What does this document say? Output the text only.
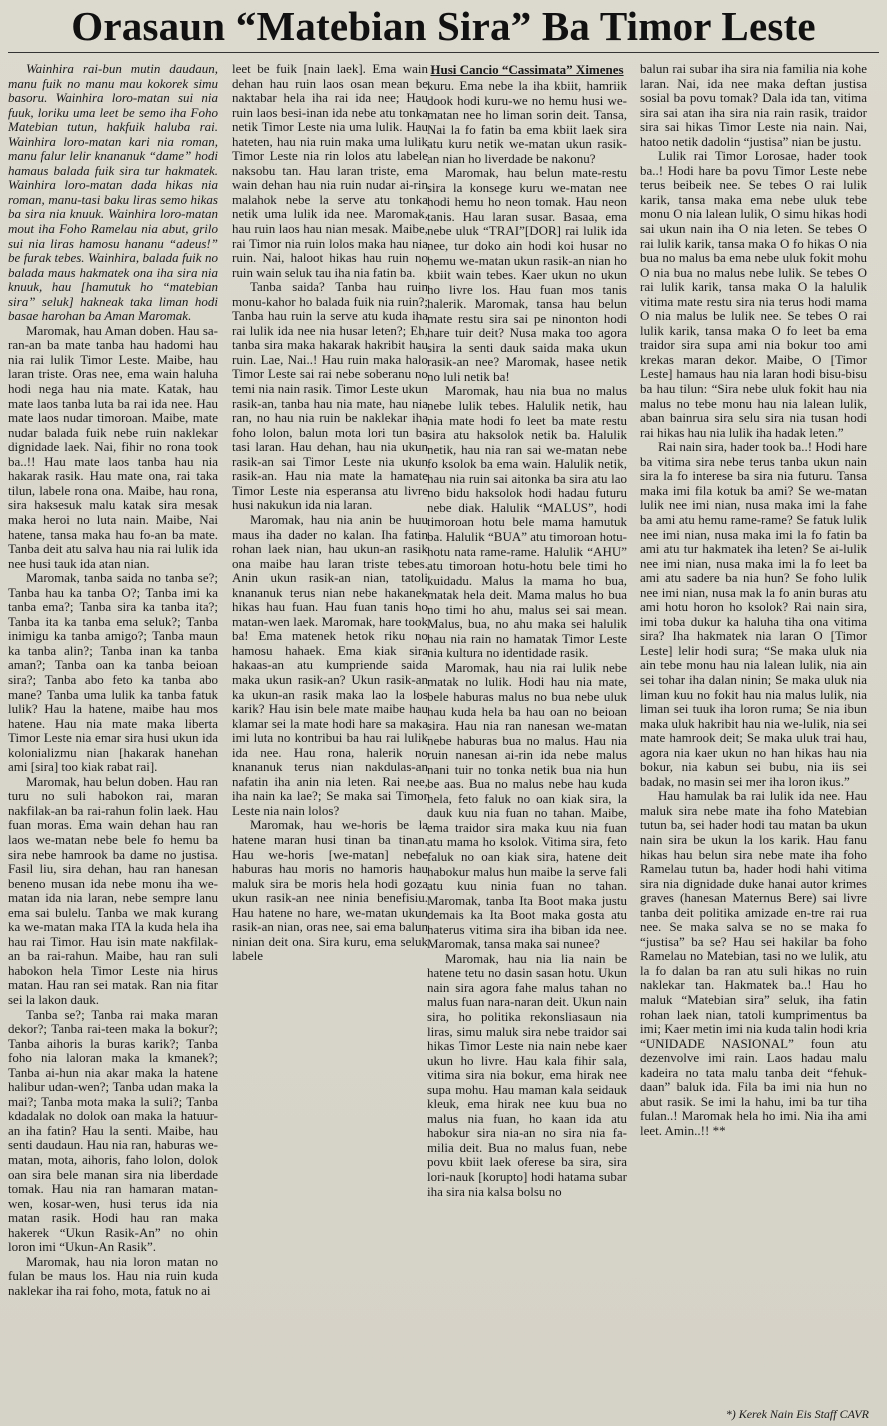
Orasaun “Matebian Sira” Ba Timor Leste

Wainhira rai-bun mutin daudaun, manu fuik no manu mau kokorek simu basoru. Wainhira loro-matan sui nia fuuk, loriku uma leet be semo iha Foho Matebian tutun, hakfuik haluba rai. Wainhira loro-matan kari nia roman, manu falur lelir knananuk “dame” hodi hamaus balada fuik sira tur hakmatek. Wainhira loro-matan dada hikas nia roman, manu-tasi baku liras semo hikas ba sira nia knuuk. Wainhira loro-matan mout iha Foho Ramelau nia abut, grilo sui nia liras hamosu hananu “adeus!” be furak tebes. Wainhira, balada fuik no balada maus hakmatek ona iha sira nia knuuk, hau [hamutuk ho “matebian sira” seluk] hakneak taka liman hodi basae harohan ba Aman Maromak.

Maromak, hau Aman doben. Hau sa-ran-an ba mate tanba hau hadomi hau nia rai lulik Timor Leste. Maibe, hau laran triste. Oras nee, ema wain haluha hodi nega hau nia mate. Katak, hau mate laos tanba luta ba rai ida nee. Hau mate laos nudar timoroan. Maibe, mate nudar balada fuik nebe ruin naklekar dignidade laek. Nai, fihir no rona took ba..!! Hau mate laos tanba hau nia hakarak rasik. Hau mate ona, rai taka tilun, labele rona ona. Maibe, hau rona, sira haksesuk malu katak sira mesak maka heroi no luta nain. Maibe, Nai hatene, tansa maka hau fo-an ba mate. Tanba deit atu salva hau nia rai lulik ida nee husi tauk ida atan nian.

Maromak, tanba saida no tanba se?; Tanba hau ka tanba O?; Tanba imi ka tanba ema?; Tanba sira ka tanba ita?; Tanba ita ka tanba ema seluk?; Tanba inimigu ka tanba amigo?; Tanba maun ka tanba alin?; Tanba inan ka tanba aman?; Tanba oan ka tanba beioan sira?; Tanba abo feto ka tanba abo mane? Tanba uma lulik ka tanba fatuk lulik? Hau la hatene, maibe hau mos hatene. Hau nia mate maka liberta Timor Leste nia emar sira husi ukun ida kolonializmu nian [hakarak hanehan ami [sira] too kiak rabat rai].

Maromak, hau belun doben. Hau ran turu no suli habokon rai, maran nakfilak-an ba rai-rahun folin laek. Hau fuan moras. Ema wain dehan hau ran laos we-matan nebe bele fo hemu ba sira nebe hamrook ba dame no justisa. Fasil liu, sira dehan, hau ran hanesan beneno musan ida nebe monu iha we-matan ida nia laran, nebe sempre lanu ema sai bulelu. Tanba we mak kurang ka we-matan maka ITA la kuda hela iha hau rai Timor. Hau isin mate nakfilak-an ba rai-rahun. Maibe, hau ran suli habokon hela Timor Leste nia hirus matan. Hau ran sei matak. Ran nia fitar sei la lakon dauk.

Tanba se?; Tanba rai maka maran dekor?; Tanba rai-teen maka la bokur?; Tanba aihoris la buras karik?; Tanba foho nia laloran maka la kmanek?; Tanba ai-hun nia akar maka la hatene halibur udan-wen?; Tanba udan maka la mai?; Tanba mota maka la suli?; Tanba kdadalak no dolok oan maka la hatuur-an iha fatin? Hau la senti. Maibe, hau senti daudaun. Hau nia ran, haburas we-matan, mota, aihoris, faho lolon, dolok oan sira bele manan sira nia liberdade tomak. Hau nia ran hamaran matan-wen, kosar-wen, husi terus ida nia matan rasik. Hodi hau ran maka hakerek “Ukun Rasik-An” no ohin loron imi “Ukun-An Rasik”.

Maromak, hau nia loron matan no fulan be maus los. Hau nia ruin kuda naklekar iha rai foho, mota, fatuk no ai

leet be fuik [nain laek]. Ema wain dehan hau ruin laos osan mean be naktabar hela iha rai ida nee; Hau ruin laos besi-inan ida nebe atu tonka netik Timor Leste nia uma lulik. Hau hateten, hau nia ruin maka uma lulik Timor Leste nia rin lolos atu labele naksobu tan. Hau laran triste, ema wain dehan hau nia ruin nudar ai-rin malahok nebe la serve atu tonka netik uma lulik ida nee. Maromak, hau ruin laos hau nian mesak. Maibe, rai Timor nia ruin lolos maka hau nia ruin. Nai, haloot hikas hau ruin no ruin wain seluk tau iha nia fatin ba.

Tanba saida? Tanba hau ruin monu-kahor ho balada fuik nia ruin?; Tanba hau ruin la serve atu kuda iha rai lulik ida nee nia husar leten?; Eh, tanba sira maka hakarak hakribit hau ruin. Lae, Nai..! Hau ruin maka halo Timor Leste sai rai nebe soberanu no temi nia nain rasik. Timor Leste ukun rasik-an, tanba hau nia mate, hau nia ran, no hau nia ruin be naklekar iha foho lolon, balun mota lori tun ba tasi laran. Hau dehan, hau nia ukun rasik-an sai Timor Leste nia ukun rasik-an. Hau nia mate la hamate Timor Leste nia esperansa atu livre husi nakukun ida nia laran.

Maromak, hau nia anin be huu maus iha dader no kalan. Iha fatin rohan laek nian, hau ukun-an rasik ona maibe hau laran triste tebes. Anin ukun rasik-an nian, tatoli knananuk terus nian nebe hakanek hikas hau fuan. Hau fuan tanis ho matan-wen laek. Maromak, hare took ba! Ema matenek hetok riku no hamosu hahaek. Ema kiak sira hakaas-an atu kumpriende saida maka ukun rasik-an? Ukun rasik-an ka ukun-an rasik maka lao la los karik? Hau isin bele mate maibe hau klamar sei la mate hodi hare sa maka imi luta no kontribui ba hau rai lulik ida nee. Hau rona, halerik no knananuk terus nian nakdulas-an nafatin iha anin nia leten. Rai nee, iha nain ka lae?; Se maka sai Timor Leste nia nain lolos?

Maromak, hau we-horis be la hatene maran husi tinan ba tinan. Hau we-horis [we-matan] nebe haburas hau moris no hamoris hau maluk sira be moris hela hodi goza ukun rasik-an nee ninia benefisiu. Hau hatene no hare, we-matan ukun rasik-an nian, oras nee, sai ema balun ninian deit ona. Sira kuru, ema seluk labele

Husi Cancio “Cassimata” Ximenes

kuru. Ema nebe la iha kbiit, hamriik dook hodi kuru-we no hemu husi we-matan nee ho liman sorin deit. Tansa, Nai la fo fatin ba ema kbiit laek sira atu kuru netik we-matan ukun rasik-an nian ho liverdade be nakonu?

Maromak, hau belun mate-restu sira la konsege kuru we-matan nee hodi hemu ho neon tomak. Hau neon tanis. Hau laran susar. Basaa, ema nebe uluk “TRAI”[DOR] rai lulik ida nee, tur doko ain hodi koi husar no hemu we-matan ukun rasik-an nian ho kbiit wain tebes. Kaer ukun no ukun ho livre los. Hau fuan mos tanis halerik. Maromak, tansa hau belun mate restu sira sai pe ninonton hodi hare tuir deit? Nusa maka too agora sira la senti dauk saida maka ukun rasik-an nee? Maromak, hasee netik no luli netik ba!

Maromak, hau nia bua no malus nebe lulik tebes. Halulik netik, hau nia mate hodi fo leet ba mate restu sira atu haksolok netik ba. Halulik netik, hau nia ran sai we-matan nebe fo ksolok ba ema wain. Halulik netik, hau nia ruin sai aitonka ba sira atu lao no bidu haksolok hodi hadau futuru nebe diak. Halulik “MALUS”, hodi timoroan hotu bele mama hamutuk ba. Halulik “BUA” atu timoroan hotu-hotu nata rame-rame. Halulik “AHU” atu timoroan hotu-hotu bele timi ho kuidadu. Malus la mama ho bua, matak hela deit. Mama malus ho bua no timi ho ahu, malus sei sai mean. Malus, bua, no ahu maka sei halulik hau nia rain no hamatak Timor Leste nia kultura no identidade rasik.

Maromak, hau nia rai lulik nebe matak no lulik. Hodi hau nia mate, bele haburas malus no bua nebe uluk hau kuda hela ba hau oan no beioan sira. Hau nia ran nanesan we-matan nebe haburas bua no malus. Hau nia ruin nanesan ai-rin ida nebe malus nani tuir no tonka netik bua nia hun be aas. Bua no malus nebe hau kuda hela, feto faluk no oan kiak sira, la dauk kuu nia fuan no tahan. Maibe, ema traidor sira maka kuu nia fuan atu mama ho ksolok. Vitima sira, feto faluk no oan kiak sira, hatene deit habokur malus hun maibe la serve fali atu kuu ninia fuan no tahan. Maromak, tanba Ita Boot maka justu demais ka Ita Boot maka gosta atu haterus vitima sira iha biban ida nee. Maromak, tansa maka sai nunee?

Maromak, hau nia lia nain be hatene tetu no dasin sasan hotu. Ukun nain sira agora fahe malus tahan no malus fuan nara-naran deit. Ukun nain sira, ho politika rekonsliasaun nia liras, simu maluk sira nebe traidor sai hikas Timor Leste nia nain nebe kaer ukun ho livre. Hau kala fihir sala, vitima sira nia bokur, ema hirak nee supa mohu. Hau maman kala seidauk kleuk, ema hirak nee kuu bua no malus nia fuan, ho kaan ida atu habokur sira nia-an no sira nia fa-milia deit. Bua no malus fuan, nebe povu kbiit laek oferese ba sira, sira lori-nauk [korupto] hodi hatama subar iha sira nia kalsa bolsu no

balun rai subar iha sira nia familia nia kohe laran. Nai, ida nee maka deftan justisa sosial ba povu tomak? Dala ida tan, vitima sira sai atan iha sira nia rain rasik, traidor sira sai hikas Timor Leste nia nain. Nai, hatoo netik dadolin “justisa” nian be justu.

Lulik rai Timor Lorosae, hader took ba..! Hodi hare ba povu Timor Leste nebe terus beibeik nee. Se tebes O rai lulik karik, tansa maka ema nebe uluk tebe monu O nia lalean lulik, O simu hikas hodi sai ukun nain iha O nia leten. Se tebes O rai lulik karik, tansa maka O fo hikas O nia bua no malus ba ema nebe uluk fokit mohu O nia bua no malus nebe lulik. Se tebes O rai lulik karik, tansa maka O la halulik vitima mate restu sira nia terus hodi mama O nia malus be lulik nee. Se tebes O rai lulik karik, tansa maka O fo leet ba ema traidor sira supa ami nia bokur too ami krekas maran dekor. Maibe, O [Timor Leste] hamaus hau nia laran hodi bisu-bisu ba hau tilun: “Sira nebe uluk fokit hau nia malus no tebe monu hau nia lalean lulik, aban bainrua sira selu sira nia tusan hodi rai hikas hau nia lulik iha hadak leten.”

Rai nain sira, hader took ba..! Hodi hare ba vitima sira nebe terus tanba ukun nain sira la fo interese ba sira nia futuru. Tansa maka imi fila kotuk ba ami? Se we-matan lulik nee imi nian, nusa maka imi la fahe ba ami atu hemu rame-rame? Se fatuk lulik nee imi nian, nusa maka imi la fo fatin ba ami atu tur hakmatek iha leten? Se ai-lulik nee imi nian, nusa maka imi la fo leet ba ami atu sadere ba nia hun? Se foho lulik nee imi nian, nusa mak la fo anin buras atu ami hotu horon ho ksolok? Rai nain sira, imi toba dukur ka haluha tiha ona vitima sira? Iha hakmatek nia laran O [Timor Leste] lelir hodi sura; “Se maka uluk nia ain tebe monu hau nia lalean lulik, nia ain sei tohar iha dalan ninin; Se maka uluk nia liman kuu no fokit hau nia malus lulik, nia liman sei tuuk iha loron ruma; Se nia ibun maka uluk hakribit hau nia we-lulik, nia sei mate hamrook deit; Se maka uluk trai hau, agora nia kaer ukun no han hikas hau nia bokur, nia kabun sei bubu, nia iis sei badak, no masin sei mer iha loron ikus.”

Hau hamulak ba rai lulik ida nee. Hau maluk sira nebe mate iha foho Matebian tutun ba, sei hader hodi tau matan ba ukun nain sira be ukun la los karik. Hau fanu hikas hau belun sira nebe mate iha foho Ramelau tutun ba, hader hodi hahi vitima sira nia dignidade duke hanai autor krimes graves (hanesan Maternus Bere) sai livre tanba deit politika amizade en-tre rai rua nee. Se maka salva se no se maka fo “justisa” ba se? Hau sei hakilar ba foho Ramelau no Matebian, tasi no we lulik, atu la fo dalan ba ran atu suli hikas no ruin naklekar tan. Hakmatek ba..! Hau ho maluk “Matebian sira” seluk, iha fatin rohan laek nian, tatoli kumprimentus ba imi; Kaer metin imi nia kuda talin hodi kria “UNIDADE NASIONAL” foun atu dezenvolve imi rain. Laos hadau malu kadeira no tata malu tanba deit “fehuk-daan” baluk ida. Fila ba imi nia hun no abut rasik. Se imi la hahu, imi ba tur tiha fulan..! Maromak hela ho imi. Nia iha ami leet. Amin..!! **

*) Kerek Nain Eis Staff CAVR
